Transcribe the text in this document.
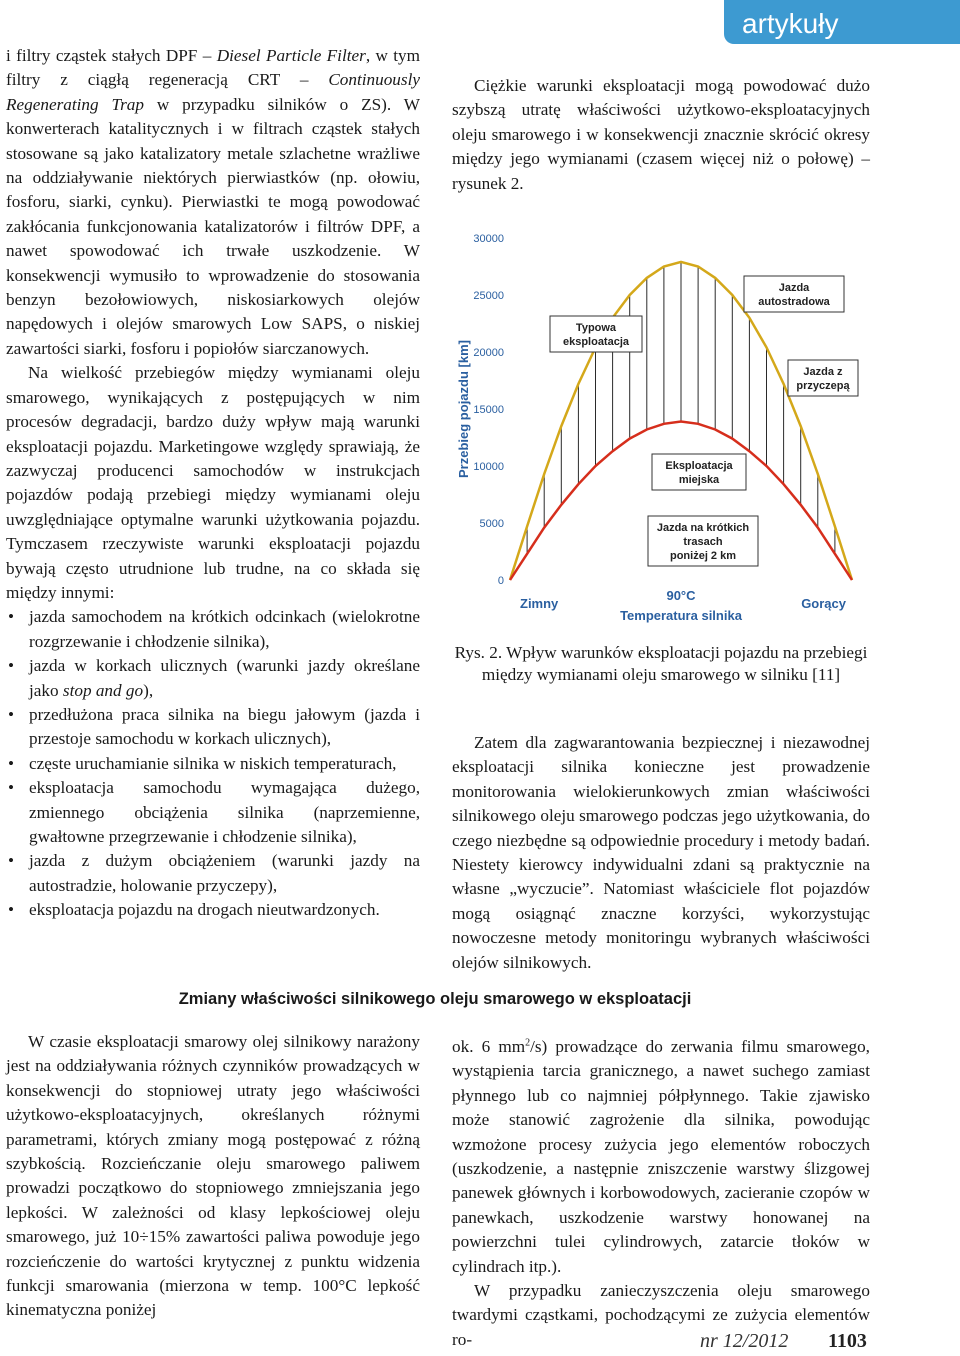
artykuły

i filtry cząstek stałych DPF – Diesel Particle Filter, w tym filtry z ciągłą regeneracją CRT – Continuously Regenerating Trap w przypadku silników o ZS). W konwerterach katalitycznych i w filtrach cząstek stałych stosowane są jako katalizatory metale szlachetne wrażliwe na oddziaływanie niektórych pierwiastków (np. ołowiu, fosforu, siarki, cynku). Pierwiastki te mogą powodować zakłócania funkcjonowania katalizatorów i filtrów DPF, a nawet spowodować ich trwałe uszkodzenie. W konsekwencji wymusiło to wprowadzenie do stosowania benzyn bezołowiowych, niskosiarkowych olejów napędowych i olejów smarowych Low SAPS, o niskiej zawartości siarki, fosforu i popiołów siarczanowych.

Na wielkość przebiegów między wymianami oleju smarowego, wynikających z postępujących w nim procesów degradacji, bardzo duży wpływ mają warunki eksploatacji pojazdu. Marketingowe względy sprawiają, że zazwyczaj producenci samochodów w instrukcjach pojazdów podają przebiegi między wymianami oleju uwzględniające optymalne warunki użytkowania pojazdu. Tymczasem rzeczywiste warunki eksploatacji pojazdu bywają często utrudnione lub trudne, na co składa się między innymi:

• jazda samochodem na krótkich odcinkach (wielokrotne rozgrzewanie i chłodzenie silnika),
• jazda w korkach ulicznych (warunki jazdy określane jako stop and go),
• przedłużona praca silnika na biegu jałowym (jazda i przestoje samochodu w korkach ulicznych),
• częste uruchamianie silnika w niskich temperaturach,
• eksploatacja samochodu wymagająca dużego, zmiennego obciążenia silnika (naprzemienne, gwałtowne przegrzewanie i chłodzenie silnika),
• jazda z dużym obciążeniem (warunki jazdy na autostradzie, holowanie przyczepy),
• eksploatacja pojazdu na drogach nieutwardzonych.

Ciężkie warunki eksploatacji mogą powodować dużo szybszą utratę właściwości użytkowo-eksploatacyjnych oleju smarowego i w konsekwencji znacznie skrócić okresy między jego wymianami (czasem więcej niż o połowę) – rysunek 2.

0
5000
10000
15000
20000
25000
30000
Przebieg pojazdu [km]
Zimny
90°C
Gorący
Temperatura silnika
Jazda
autostradowa
Typowa
eksploatacja
Jazda z
przyczepą
Eksploatacja
miejska
Jazda na krótkich
trasach
poniżej 2 km
Rys. 2. Wpływ warunków eksploatacji pojazdu na przebiegi między wymianami oleju smarowego w silniku [11]

Zatem dla zagwarantowania bezpiecznej i niezawodnej eksploatacji silnika konieczne jest prowadzenie monitorowania wielokierunkowych zmian właściwości silnikowego oleju smarowego podczas jego użytkowania, do czego niezbędne są odpowiednie procedury i metody badań. Niestety kierowcy indywidualni zdani są praktycznie na własne „wyczucie”. Natomiast właściciele flot pojazdów mogą osiągnąć znaczne korzyści, wykorzystując nowoczesne metody monitoringu wybranych właściwości olejów silnikowych.

Zmiany właściwości silnikowego oleju smarowego w eksploatacji

W czasie eksploatacji smarowy olej silnikowy narażony jest na oddziaływania różnych czynników prowadzących w konsekwencji do stopniowej utraty jego właściwości użytkowo-eksploatacyjnych, określanych różnymi parametrami, których zmiany mogą postępować z różną szybkością. Rozcieńczanie oleju smarowego paliwem prowadzi początkowo do stopniowego zmniejszania jego lepkości. W zależności od klasy lepkościowej oleju smarowego, już 10÷15% zawartości paliwa powoduje jego rozcieńczenie do wartości krytycznej z punktu widzenia funkcji smarowania (mierzona w temp. 100°C lepkość kinematyczna poniżej

ok. 6 $mm^2/s$) prowadzące do zerwania filmu smarowego, wystąpienia tarcia granicznego, a nawet suchego zamiast płynnego lub co najmniej półpłynnego. Takie zjawisko może stanowić zagrożenie dla silnika, powodując wzmożone procesy zużycia jego elementów roboczych (uszkodzenie, a następnie zniszczenie warstwy ślizgowej panewek głównych i korbowodowych, zacieranie czopów w panewkach, uszkodzenie warstwy honowanej na powierzchni tulei cylindrowych, zatarcie tłoków w cylindrach itp.).

W przypadku zanieczyszczenia oleju smarowego twardymi cząstkami, pochodzącymi ze zużycia elementów ro-	nr 12/2012 1103
